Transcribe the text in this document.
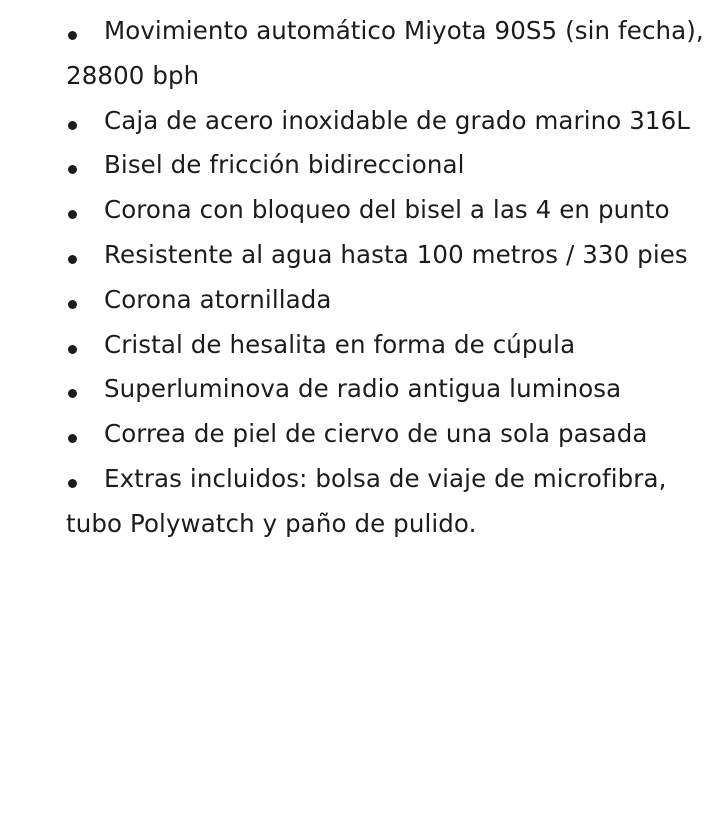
Movimiento automático Miyota 90S5 (sin fecha), 28800 bph
Caja de acero inoxidable de grado marino 316L
Bisel de fricción bidireccional
Corona con bloqueo del bisel a las 4 en punto
Resistente al agua hasta 100 metros / 330 pies
Corona atornillada
Cristal de hesalita en forma de cúpula
Superluminova de radio antigua luminosa
Correa de piel de ciervo de una sola pasada
Extras incluidos: bolsa de viaje de microfibra, tubo Polywatch y paño de pulido.
